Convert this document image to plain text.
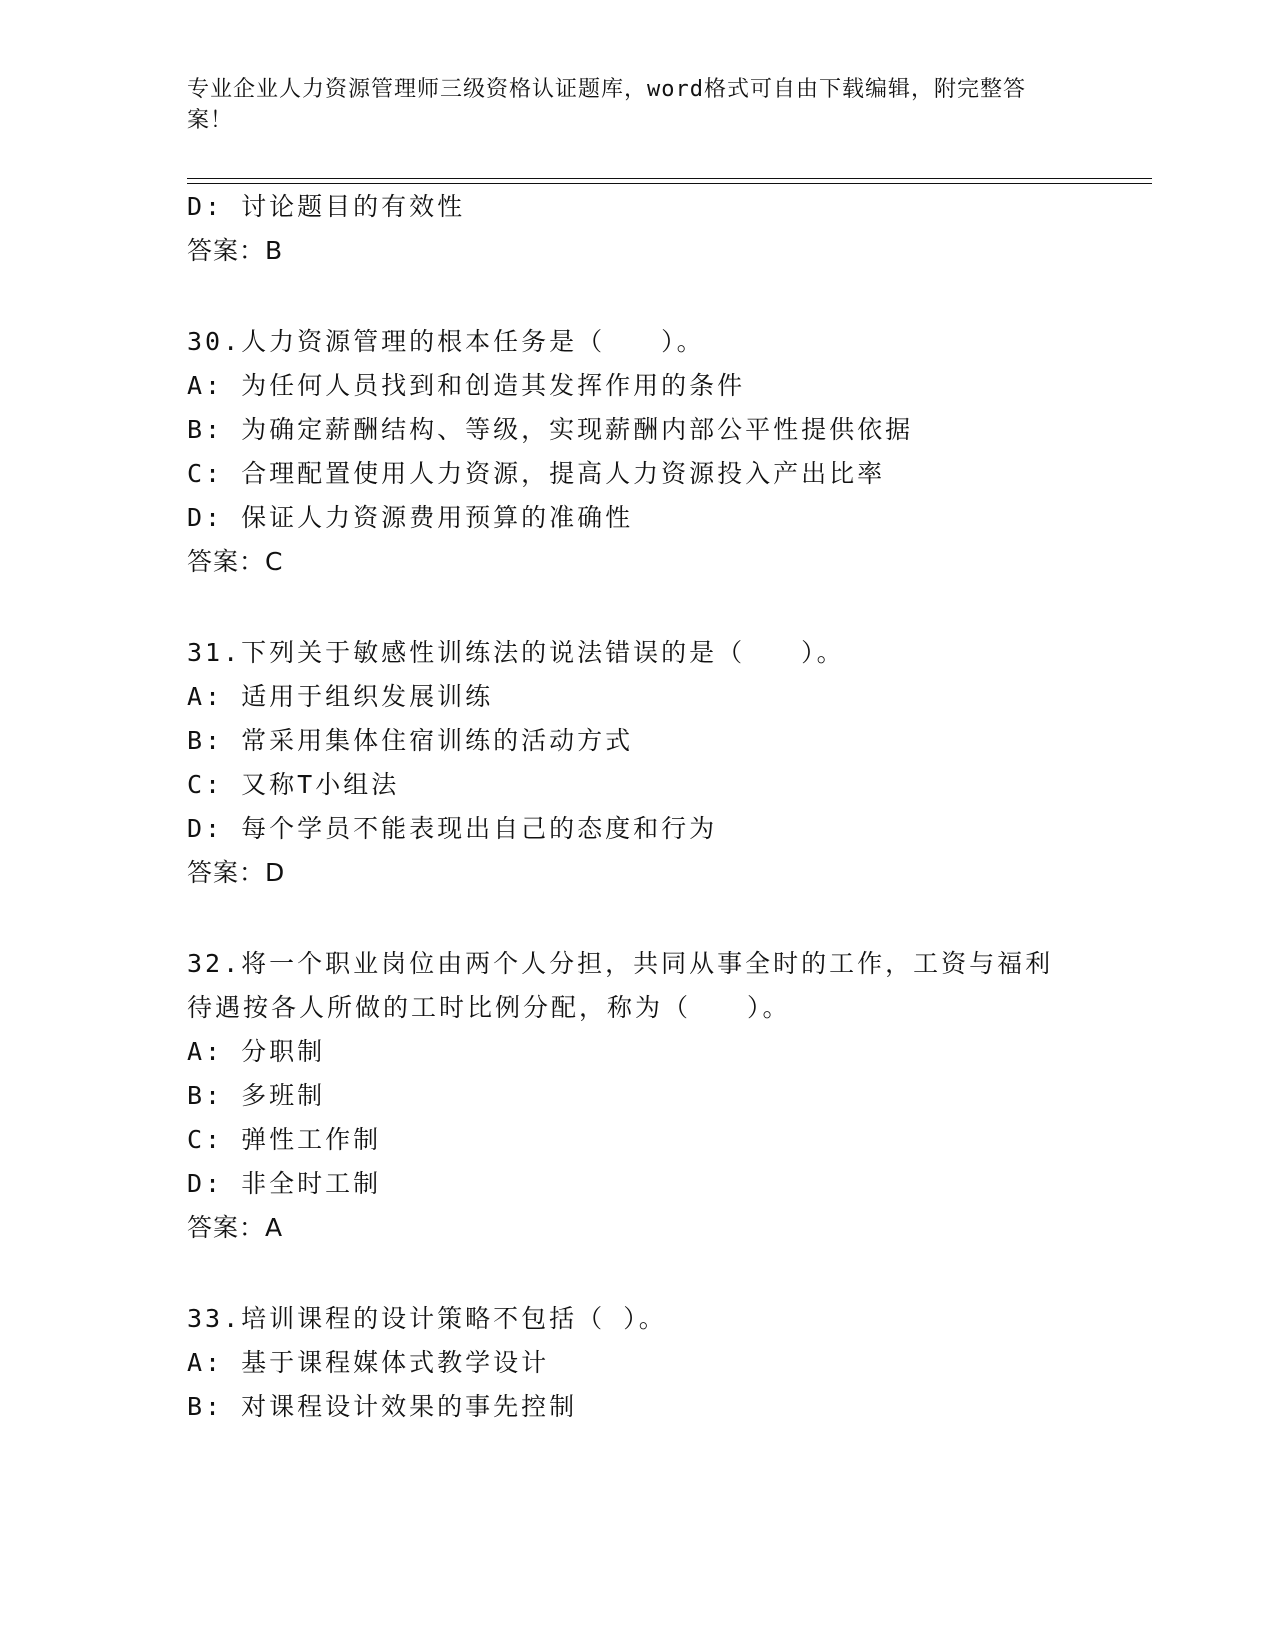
专业企业人力资源管理师三级资格认证题库，word格式可自由下载编辑，附完整答案！
D: 讨论题目的有效性
答案：B
30.人力资源管理的根本任务是（　　）。
A: 为任何人员找到和创造其发挥作用的条件
B: 为确定薪酬结构、等级，实现薪酬内部公平性提供依据
C: 合理配置使用人力资源，提高人力资源投入产出比率
D: 保证人力资源费用预算的准确性
答案：C
31.下列关于敏感性训练法的说法错误的是（　　）。
A: 适用于组织发展训练
B: 常采用集体住宿训练的活动方式
C: 又称T小组法
D: 每个学员不能表现出自己的态度和行为
答案：D
32.将一个职业岗位由两个人分担，共同从事全时的工作，工资与福利
待遇按各人所做的工时比例分配，称为（　　）。
A: 分职制
B: 多班制
C: 弹性工作制
D: 非全时工制
答案：A
33.培训课程的设计策略不包括（ ）。
A: 基于课程媒体式教学设计
B: 对课程设计效果的事先控制
